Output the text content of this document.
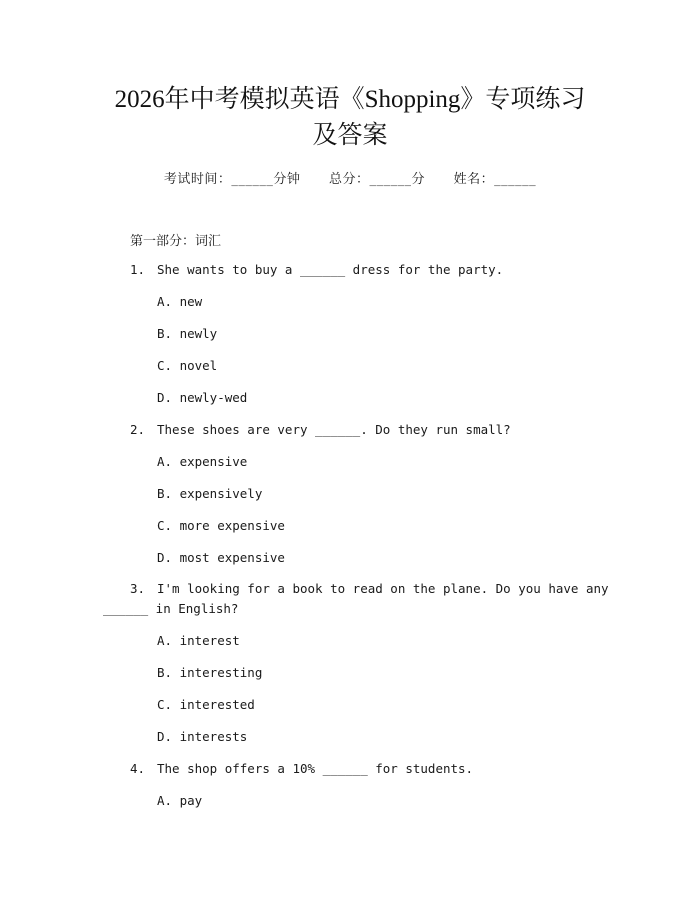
2026年中考模拟英语《Shopping》专项练习
及答案
考试时间：______分钟 总分：______分 姓名：______
第一部分：词汇
1. She wants to buy a ______ dress for the party.
A. new
B. newly
C. novel
D. newly-wed
2. These shoes are very ______. Do they run small?
A. expensive
B. expensively
C. more expensive
D. most expensive
3. I'm looking for a book to read on the plane. Do you have any
______ in English?
A. interest
B. interesting
C. interested
D. interests
4. The shop offers a 10% ______ for students.
A. pay
